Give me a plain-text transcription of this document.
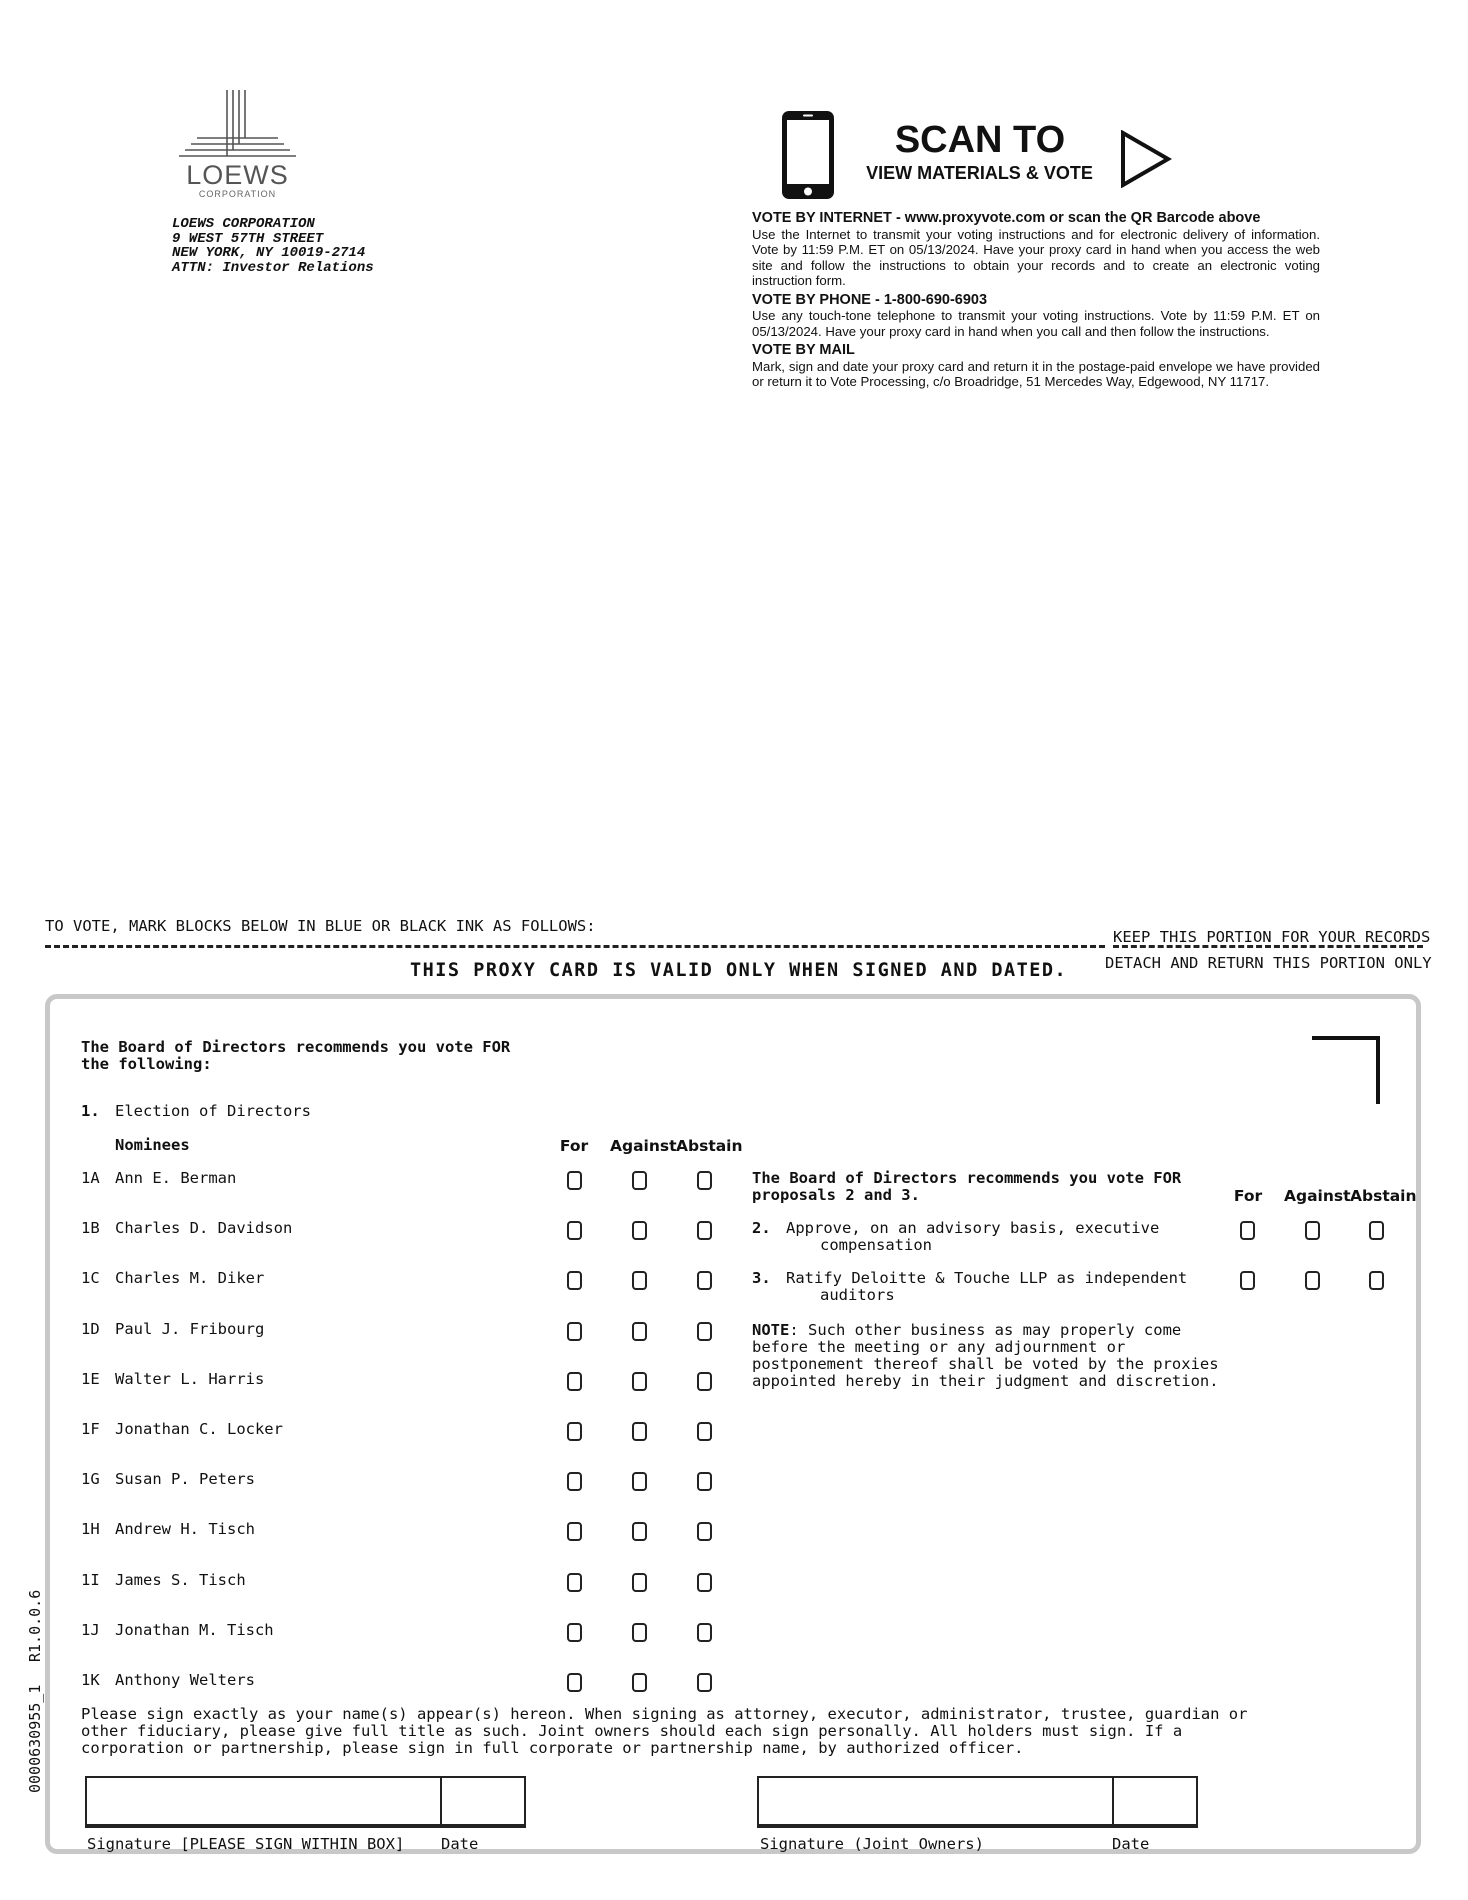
LOEWS
CORPORATION
LOEWS CORPORATION
9 WEST 57TH STREET
NEW YORK, NY 10019-2714
ATTN: Investor Relations
SCAN TO
VIEW MATERIALS & VOTE
VOTE BY INTERNET - www.proxyvote.com or scan the QR Barcode above

Use the Internet to transmit your voting instructions and for electronic delivery of information. Vote by 11:59 P.M. ET on 05/13/2024. Have your proxy card in hand when you access the web site and follow the instructions to obtain your records and to create an electronic voting instruction form.

VOTE BY PHONE - 1-800-690-6903

Use any touch-tone telephone to transmit your voting instructions. Vote by 11:59 P.M. ET on 05/13/2024. Have your proxy card in hand when you call and then follow the instructions.

VOTE BY MAIL

Mark, sign and date your proxy card and return it in the postage-paid envelope we have provided or return it to Vote Processing, c/o Broadridge, 51 Mercedes Way, Edgewood, NY 11717.

TO VOTE, MARK BLOCKS BELOW IN BLUE OR BLACK INK AS FOLLOWS:
KEEP THIS PORTION FOR YOUR RECORDS
DETACH AND RETURN THIS PORTION ONLY
THIS PROXY CARD IS VALID ONLY WHEN SIGNED AND DATED.
The Board of Directors recommends you vote FOR
the following:
1. Election of Directors
Nominees	For Against Abstain
1A Ann E. Berman
1B Charles D. Davidson
1C Charles M. Diker
1D Paul J. Fribourg
1E Walter L. Harris
1F Jonathan C. Locker
1G Susan P. Peters
1H Andrew H. Tisch
1I James S. Tisch
1J Jonathan M. Tisch
1K Anthony Welters
The Board of Directors recommends you vote FOR
proposals 2 and 3.	For Against Abstain
2. Approve, on an advisory basis, executive
compensation
3. Ratify Deloitte & Touche LLP as independent
auditors
NOTE: Such other business as may properly come
before the meeting or any adjournment or
postponement thereof shall be voted by the proxies
appointed hereby in their judgment and discretion.
Please sign exactly as your name(s) appear(s) hereon. When signing as attorney, executor, administrator, trustee, guardian or
other fiduciary, please give full title as such. Joint owners should each sign personally. All holders must sign. If a
corporation or partnership, please sign in full corporate or partnership name, by authorized officer.
Signature [PLEASE SIGN WITHIN BOX] Date	Signature (Joint Owners)	Date
0000630955_1
R1.0.0.6
